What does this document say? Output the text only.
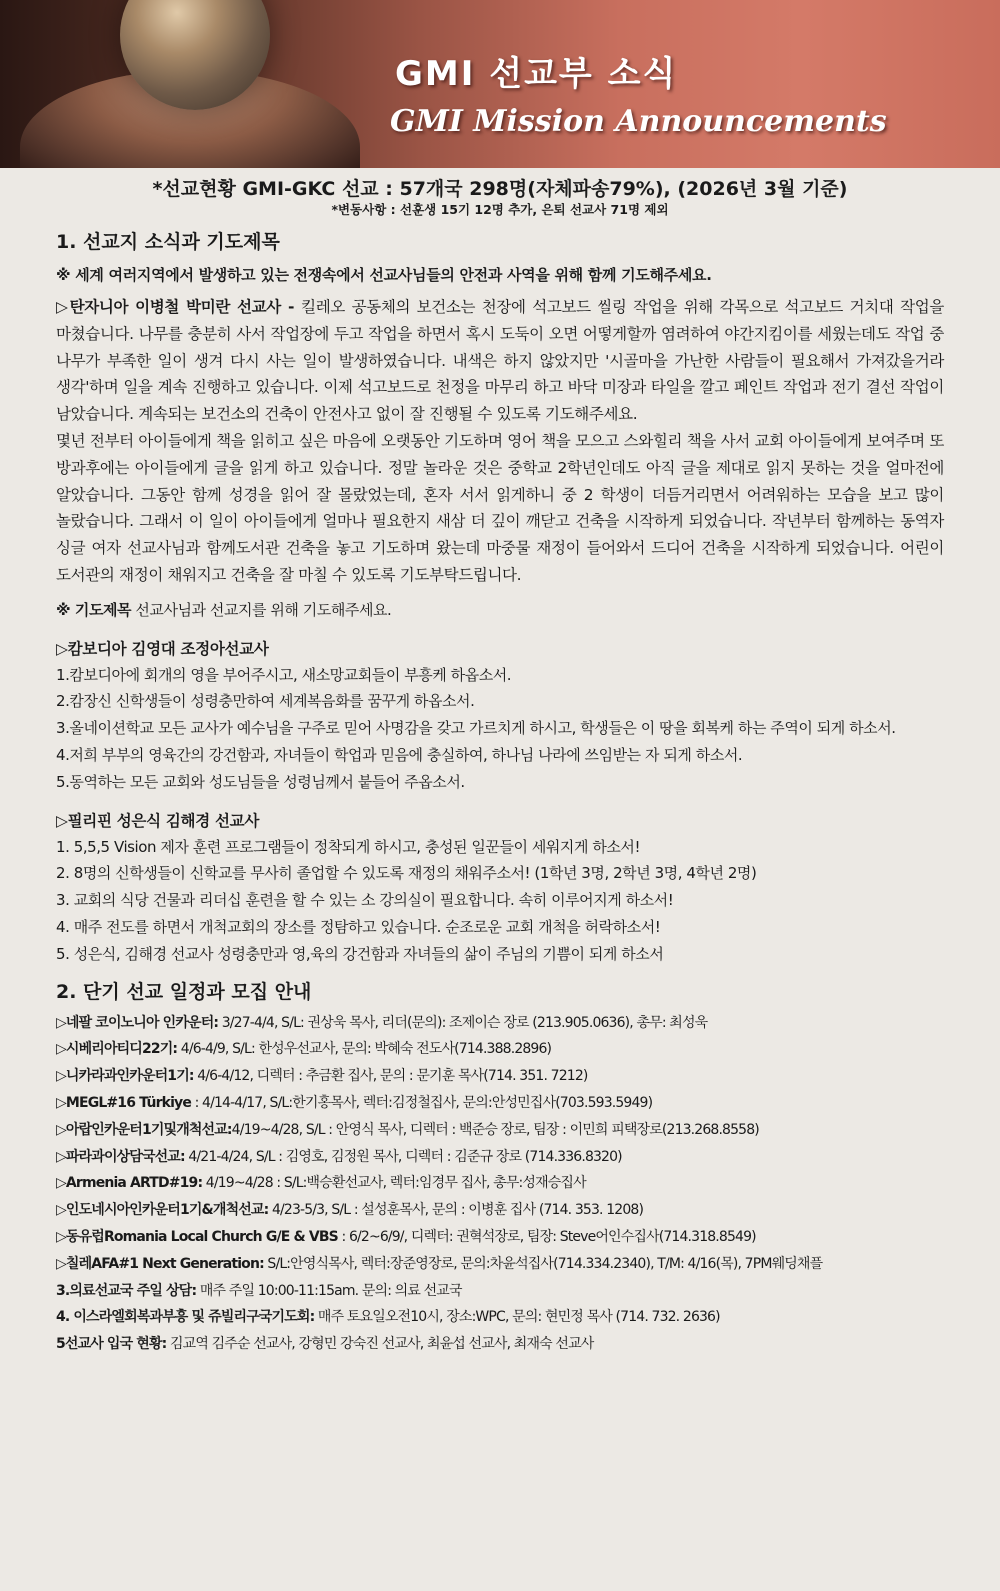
GMI 선교부 소식
GMI Mission Announcements
*선교현황 GMI-GKC 선교 : 57개국 298명(자체파송79%), (2026년 3월 기준)
*변동사항 : 선훈생 15기 12명 추가, 은퇴 선교사 71명 제외
1. 선교지 소식과 기도제목
※ 세계 여러지역에서 발생하고 있는 전쟁속에서 선교사님들의 안전과 사역을 위해 함께 기도해주세요.

▷탄자니아 이병철 박미란 선교사 - 킬레오 공동체의 보건소는 천장에 석고보드 씰링 작업을 위해 각목으로 석고보드 거치대 작업을 마쳤습니다. 나무를 충분히 사서 작업장에 두고 작업을 하면서 혹시 도둑이 오면 어떻게할까 염려하여 야간지킴이를 세웠는데도 작업 중 나무가 부족한 일이 생겨 다시 사는 일이 발생하였습니다. 내색은 하지 않았지만 '시골마을 가난한 사람들이 필요해서 가져갔을거라 생각'하며 일을 계속 진행하고 있습니다. 이제 석고보드로 천정을 마무리 하고 바닥 미장과 타일을 깔고 페인트 작업과 전기 결선 작업이 남았습니다. 계속되는 보건소의 건축이 안전사고 없이 잘 진행될 수 있도록 기도해주세요.

몇년 전부터 아이들에게 책을 읽히고 싶은 마음에 오랫동안 기도하며 영어 책을 모으고 스와힐리 책을 사서 교회 아이들에게 보여주며 또 방과후에는 아이들에게 글을 읽게 하고 있습니다. 정말 놀라운 것은 중학교 2학년인데도 아직 글을 제대로 읽지 못하는 것을 얼마전에 알았습니다. 그동안 함께 성경을 읽어 잘 몰랐었는데, 혼자 서서 읽게하니 중 2 학생이 더듬거리면서 어려워하는 모습을 보고 많이 놀랐습니다. 그래서 이 일이 아이들에게 얼마나 필요한지 새삼 더 깊이 깨닫고 건축을 시작하게 되었습니다. 작년부터 함께하는 동역자 싱글 여자 선교사님과 함께도서관 건축을 놓고 기도하며 왔는데 마중물 재정이 들어와서 드디어 건축을 시작하게 되었습니다. 어린이 도서관의 재정이 채워지고 건축을 잘 마칠 수 있도록 기도부탁드립니다.

※ 기도제목 선교사님과 선교지를 위해 기도해주세요.
▷캄보디아 김영대 조정아선교사

1.캄보디아에 회개의 영을 부어주시고, 새소망교회들이 부흥케 하옵소서.

2.캄장신 신학생들이 성령충만하여 세계복음화를 꿈꾸게 하옵소서.

3.올네이션학교 모든 교사가 예수님을 구주로 믿어 사명감을 갖고 가르치게 하시고, 학생들은 이 땅을 회복케 하는 주역이 되게 하소서.

4.저희 부부의 영육간의 강건함과, 자녀들이 학업과 믿음에 충실하여, 하나님 나라에 쓰임받는 자 되게 하소서.

5.동역하는 모든 교회와 성도님들을 성령님께서 붙들어 주옵소서.

▷필리핀 성은식 김해경 선교사

1. 5,5,5 Vision 제자 훈련 프로그램들이 정착되게 하시고, 충성된 일꾼들이 세워지게 하소서!

2. 8명의 신학생들이 신학교를 무사히 졸업할 수 있도록 재정의 채워주소서! (1학년 3명, 2학년 3명, 4학년 2명)

3. 교회의 식당 건물과 리더십 훈련을 할 수 있는 소 강의실이 필요합니다. 속히 이루어지게 하소서!

4. 매주 전도를 하면서 개척교회의 장소를 정탐하고 있습니다. 순조로운 교회 개척을 허락하소서!

5. 성은식, 김해경 선교사 성령충만과 영,육의 강건함과 자녀들의 삶이 주님의 기쁨이 되게 하소서

2. 단기 선교 일정과 모집 안내

▷네팔 코이노니아 인카운터: 3/27-4/4, S/L: 권상욱 목사, 리더(문의): 조제이슨 장로 (213.905.0636), 총무: 최성욱

▷시베리아티디22기: 4/6-4/9, S/L: 한성우선교사, 문의: 박혜숙 전도사(714.388.2896)

▷니카라과인카운터1기: 4/6-4/12, 디렉터 : 추금환 집사, 문의 : 문기훈 목사(714. 351. 7212)

▷MEGL#16 Türkiye : 4/14-4/17, S/L:한기홍목사, 렉터:김정철집사, 문의:안성민집사(703.593.5949)

▷아랍인카운터1기및개척선교:4/19~4/28, S/L : 안영식 목사, 디렉터 : 백준승 장로, 팀장 : 이민희 피택장로(213.268.8558)

▷파라과이상담국선교: 4/21-4/24, S/L : 김영호, 김정원 목사, 디렉터 : 김준규 장로 (714.336.8320)

▷Armenia ARTD#19: 4/19~4/28 : S/L:백승환선교사, 렉터:임경무 집사, 총무:성재승집사

▷인도네시아인카운터1기&개척선교: 4/23-5/3, S/L : 설성훈목사, 문의 : 이병훈 집사 (714. 353. 1208)

▷동유럽Romania Local Church G/E & VBS : 6/2~6/9/, 디렉터: 권혁석장로, 팀장: Steve어인수집사(714.318.8549)

▷칠레AFA#1 Next Generation: S/L:안영식목사, 렉터:장준영장로, 문의:차윤석집사(714.334.2340), T/M: 4/16(목), 7PM웨딩채플

3.의료선교국 주일 상담: 매주 주일 10:00-11:15am. 문의: 의료 선교국

4. 이스라엘회복과부흥 및 쥬빌리구국기도회: 매주 토요일오전10시, 장소:WPC, 문의: 현민정 목사 (714. 732. 2636)

5선교사 입국 현황: 김교역 김주순 선교사, 강형민 강숙진 선교사, 최윤섭 선교사, 최재숙 선교사
